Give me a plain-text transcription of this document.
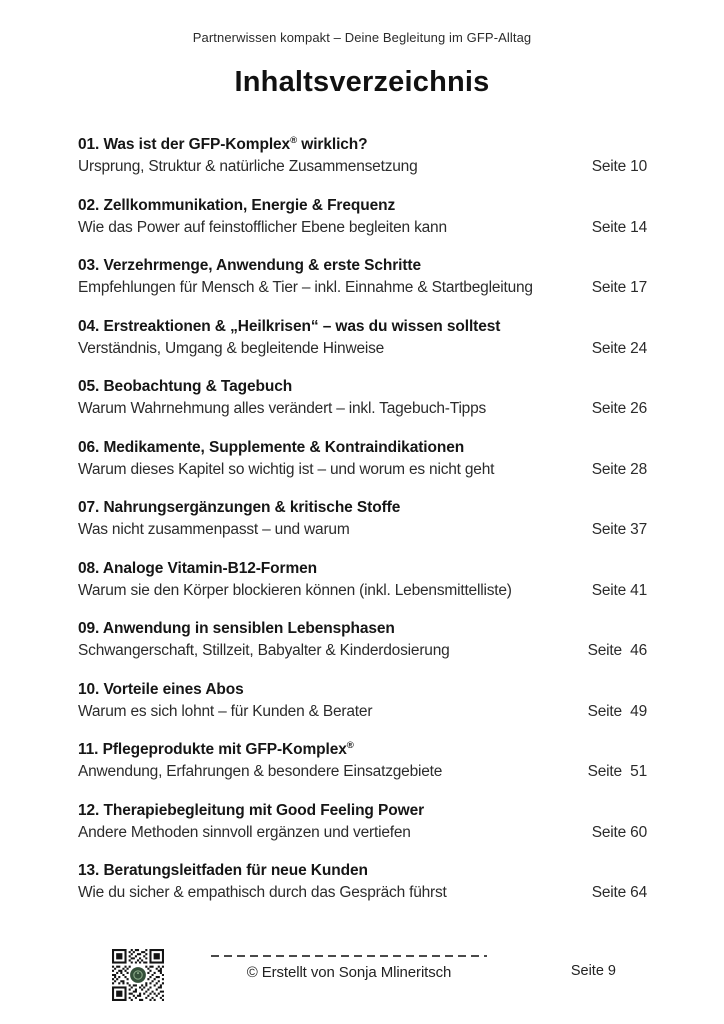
Partnerwissen kompakt – Deine Begleitung im GFP-Alltag
Inhaltsverzeichnis
01. Was ist der GFP-Komplex® wirklich?
Ursprung, Struktur & natürliche Zusammensetzung	Seite 10
02. Zellkommunikation, Energie & Frequenz
Wie das Power auf feinstofflicher Ebene begleiten kann	Seite 14
03. Verzehrmenge, Anwendung & erste Schritte
Empfehlungen für Mensch & Tier – inkl. Einnahme & Startbegleitung	Seite 17
04. Erstreaktionen & „Heilkrisen“ – was du wissen solltest
Verständnis, Umgang & begleitende Hinweise	Seite 24
05. Beobachtung & Tagebuch
Warum Wahrnehmung alles verändert – inkl. Tagebuch-Tipps	Seite 26
06. Medikamente, Supplemente & Kontraindikationen
Warum dieses Kapitel so wichtig ist – und worum es nicht geht	Seite 28
07. Nahrungsergänzungen & kritische Stoffe
Was nicht zusammenpasst – und warum	Seite 37
08. Analoge Vitamin-B12-Formen
Warum sie den Körper blockieren können (inkl. Lebensmittelliste)	Seite 41
09. Anwendung in sensiblen Lebensphasen
Schwangerschaft, Stillzeit, Babyalter & Kinderdosierung	Seite  46
10. Vorteile eines Abos
Warum es sich lohnt – für Kunden & Berater	Seite  49
11. Pflegeprodukte mit GFP-Komplex®
Anwendung, Erfahrungen & besondere Einsatzgebiete	Seite  51
12. Therapiebegleitung mit Good Feeling Power
Andere Methoden sinnvoll ergänzen und vertiefen	Seite 60
13. Beratungsleitfaden für neue Kunden
Wie du sicher & empathisch durch das Gespräch führst	Seite 64
© Erstellt von Sonja Mlineritsch	Seite 9
